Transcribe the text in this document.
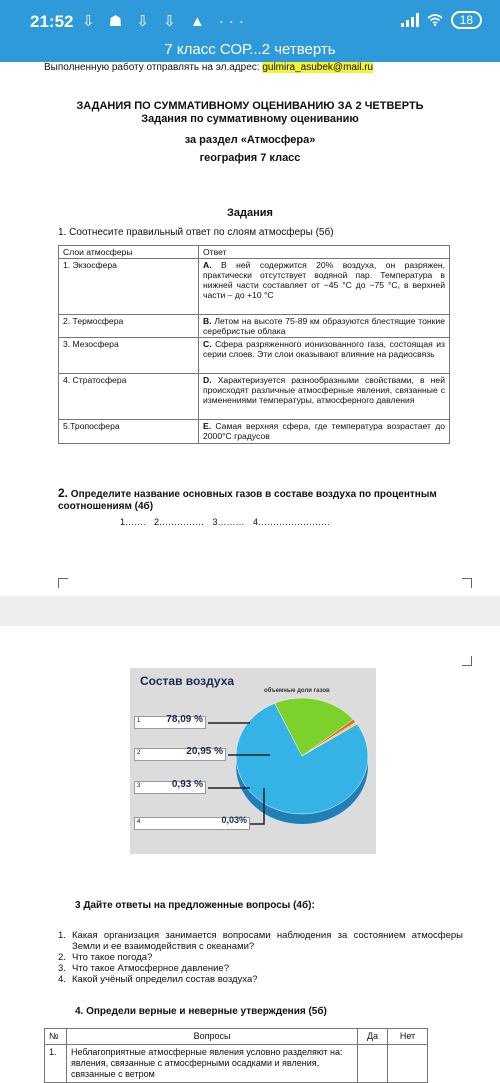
21:52 ⇩ ☗ ⇩ ⇩ ▲ ···	18
7 класс СОР...2 четверть
Выполненную работу отправлять на эл.адрес: gulmira_asubek@mail.ru
ЗАДАНИЯ ПО СУММАТИВНОМУ ОЦЕНИВАНИЮ ЗА 2 ЧЕТВЕРТЬ
Задания по суммативному оцениванию
за раздел «Атмосфера»
география 7 класс
Задания
1. Соотнесите правильный ответ по слоям атмосферы (5б)
Слои атмосферы	Ответ
1. Экзосфера	A. В ней содержится 20% воздуха, он разряжен, практически отсутствует водяной пар. Температура в нижней части составляет от −45 °С до −75 °С, в верхней части – до +10 °С
2. Термосфера	B. Летом на высоте 75-89 км образуются блестящие тонкие серебристые облака
3. Мезосфера	C. Сфера разряженного ионизованного газа, состоящая из серии слоев. Эти слои оказывают влияние на радиосвязь
4. Стратосфера	D. Характеризуется разнообразными свойствами, в ней происходят различные атмосферные явления, связанные с изменениями температуры, атмосферного давления
5.Тропосфера	E. Самая верхняя сфера, где температура возрастает до 2000°С градусов
2. Определите название основных газов в составе воздуха по процентным соотношениям (4б)
1……. 2…………… 3……… 4……………………
Состав воздуха
объемные доли газов
1	78,09 %
2	20,95 %
3	0,93 %
4	0,03%
3 Дайте ответы на предложенные вопросы (4б):
1. Какая организация занимается вопросами наблюдения за состоянием атмосферы Земли и ее взаимодействия с океанами?
2. Что такое погода?
3. Что такое Атмосферное давление?
4. Какой учёный определил состав воздуха?
4. Определи верные и неверные утверждения (5б)
№	Вопросы	Да	Нет
1.	Неблагоприятные атмосферные явления условно разделяют на: явления, связанные с атмосферными осадками и явления, связанные с ветром		
